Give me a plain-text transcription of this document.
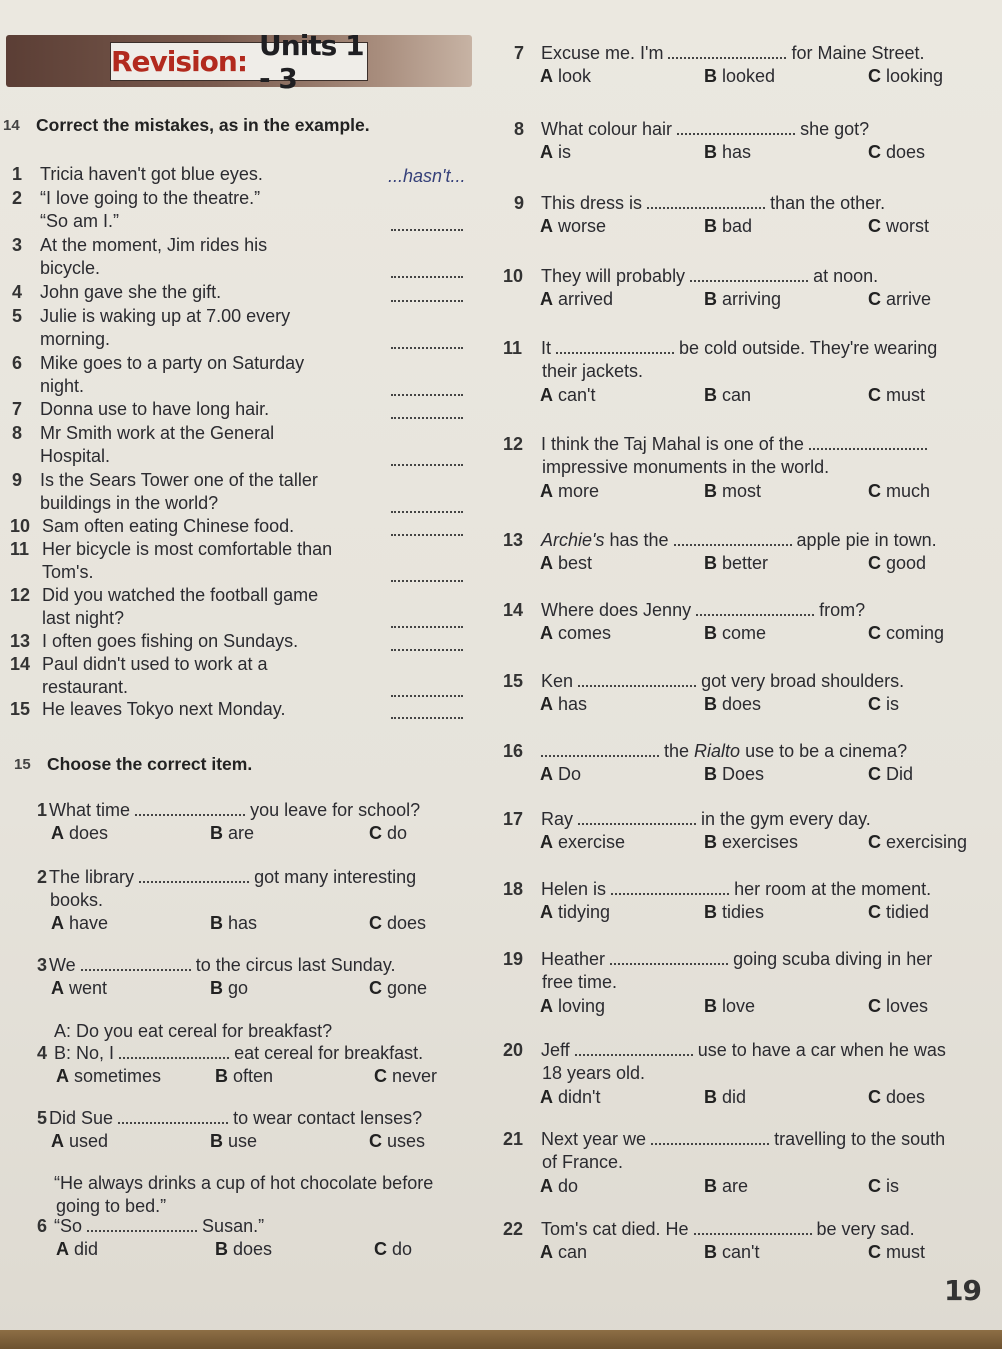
Revision: Units 1 - 3
14 Correct the mistakes, as in the example.
1 Tricia haven't got blue eyes.	...hasn't...
2 “I love going to the theatre.”
“So am I.”
3 At the moment, Jim rides his
bicycle.
4 John gave she the gift.
5 Julie is waking up at 7.00 every
morning.
6 Mike goes to a party on Saturday
night.
7 Donna use to have long hair.
8 Mr Smith work at the General
Hospital.
9 Is the Sears Tower one of the taller
buildings in the world?
10 Sam often eating Chinese food.
11 Her bicycle is most comfortable than
Tom's.
12 Did you watched the football game
last night?
13 I often goes fishing on Sundays.
14 Paul didn't used to work at a
restaurant.
15 He leaves Tokyo next Monday.
15 Choose the correct item.
1 What time	you leave for school?
A does	B are	C do
2 The library	got many interesting
books.
A have	B has	C does
3 We	to the circus last Sunday.
A went	B go	C gone
4
A: Do you eat cereal for breakfast?
B: No, I	eat cereal for breakfast.
A sometimes	B often	C never
5 Did Sue	to wear contact lenses?
A used	B use	C uses
6
“He always drinks a cup of hot chocolate before
going to bed.”
“So	Susan.”
A did	B does	C do
7 Excuse me. I'm	for Maine Street.
A look	B looked	C looking
8 What colour hair	she got?
A is	B has	C does
9 This dress is	than the other.
A worse	B bad	C worst
10 They will probably	at noon.
A arrived	B arriving	C arrive
11 It	be cold outside. They're wearing
their jackets.
A can't	B can	C must
12 I think the Taj Mahal is one of the
impressive monuments in the world.
A more	B most	C much
13 Archie's has the	apple pie in town.
A best	B better	C good
14 Where does Jenny	from?
A comes	B come	C coming
15 Ken	got very broad shoulders.
A has	B does	C is
16	the Rialto use to be a cinema?
A Do	B Does	C Did
17 Ray	in the gym every day.
A exercise	B exercises	C exercising
18 Helen is	her room at the moment.
A tidying	B tidies	C tidied
19 Heather	going scuba diving in her
free time.
A loving	B love	C loves
20 Jeff	use to have a car when he was
18 years old.
A didn't	B did	C does
21 Next year we	travelling to the south
of France.
A do	B are	C is
22 Tom's cat died. He	be very sad.
A can	B can't	C must
19
